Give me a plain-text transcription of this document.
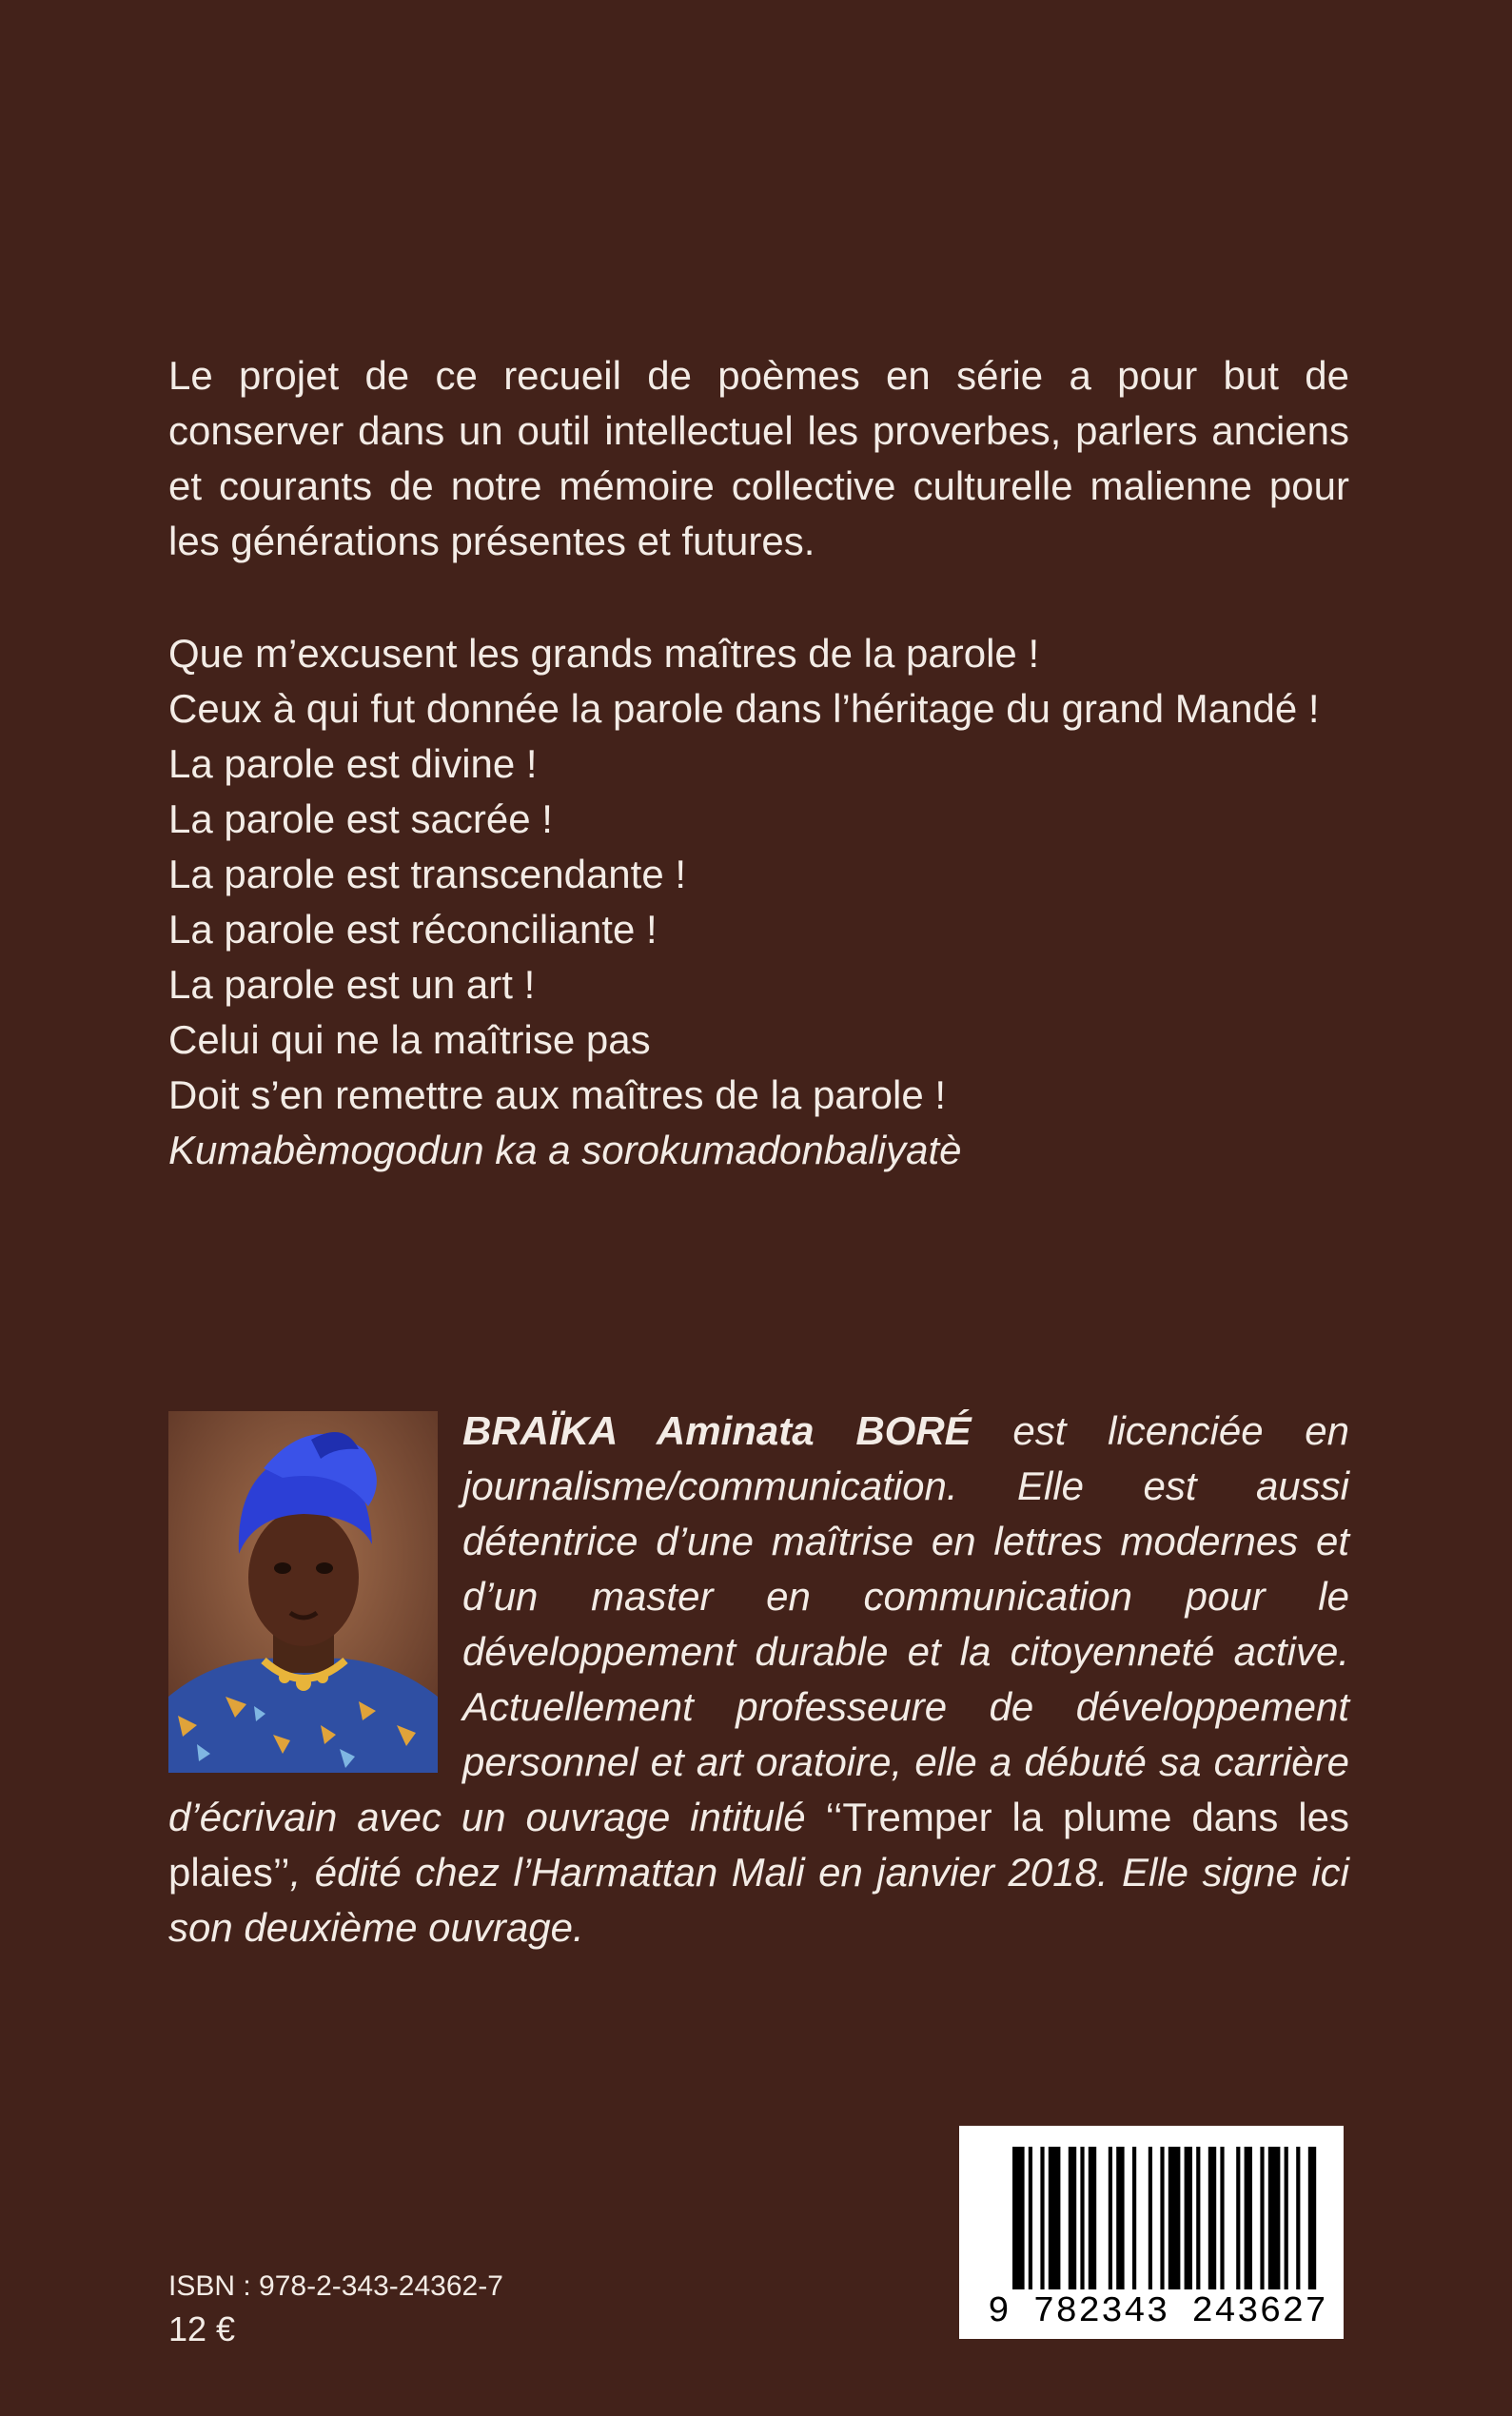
Le projet de ce recueil de poèmes en série a pour but de conserver dans un outil intellectuel les proverbes, parlers anciens et courants de notre mémoire collective culturelle malienne pour les générations présentes et futures.

Que m’excusent les grands maîtres de la parole !
Ceux à qui fut donnée la parole dans l’héritage du grand Mandé !
La parole est divine !
La parole est sacrée !
La parole est transcendante !
La parole est réconciliante !
La parole est un art !
Celui qui ne la maîtrise pas
Doit s’en remettre aux maîtres de la parole !
Kumabèmogodun ka a sorokumadonbaliyatè
BRAÏKA Aminata BORÉ est licenciée en journalisme/communication. Elle est aussi détentrice d’une maîtrise en lettres modernes et d’un master en communication pour le développement durable et la citoyenneté active. Actuellement professeure de développement personnel et art oratoire, elle a débuté sa carrière d’écrivain avec un ouvrage intitulé ‘‘Tremper la plume dans les plaies’’, édité chez l’Harmattan Mali en janvier 2018. Elle signe ici son deuxième ouvrage.
ISBN : 978-2-343-24362-7
12 €	9 782343 243627
